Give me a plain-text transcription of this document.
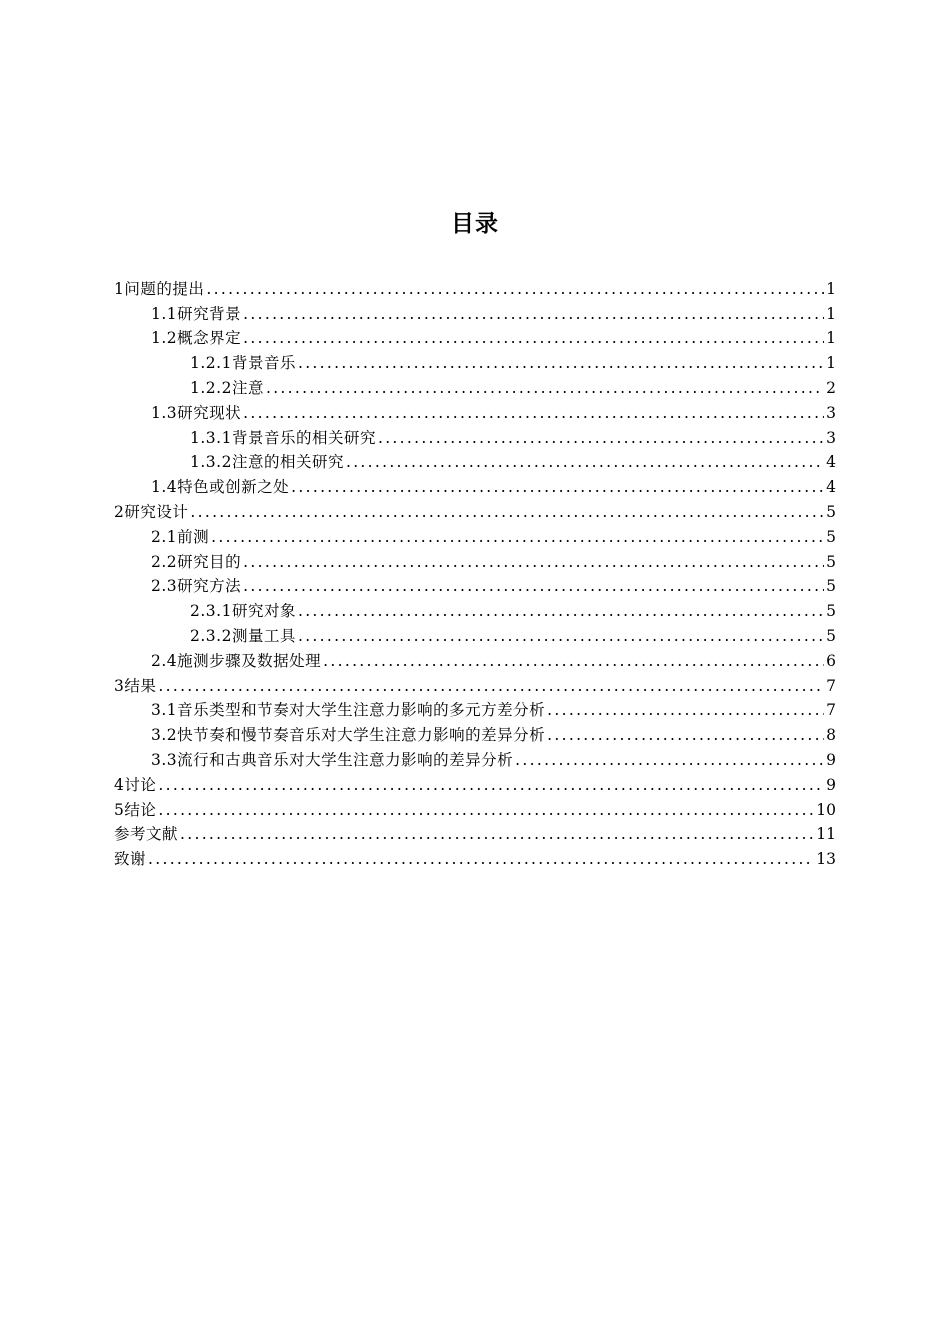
目录
1 问题的提出 .....	1
1.1 研究背景 .....	1
1.2 概念界定 .....	1
1.2.1 背景音乐 .....	1
1.2.2 注意 .....	2
1.3 研究现状 .....	3
1.3.1 背景音乐的相关研究 .....	3
1.3.2 注意的相关研究 .....	4
1.4 特色或创新之处 .....	4
2 研究设计 .....	5
2.1 前测 .....	5
2.2 研究目的 .....	5
2.3 研究方法 .....	5
2.3.1 研究对象 .....	5
2.3.2 测量工具 .....	5
2.4 施测步骤及数据处理 .....	6
3 结果 .....	7
3.1 音乐类型和节奏对大学生注意力影响的多元方差分析 .....	7
3.2 快节奏和慢节奏音乐对大学生注意力影响的差异分析 .....	8
3.3 流行和古典音乐对大学生注意力影响的差异分析 .....	9
4 讨论 .....	9
5 结论 .....	10
参考文献 .....	11
致谢 .....	13
